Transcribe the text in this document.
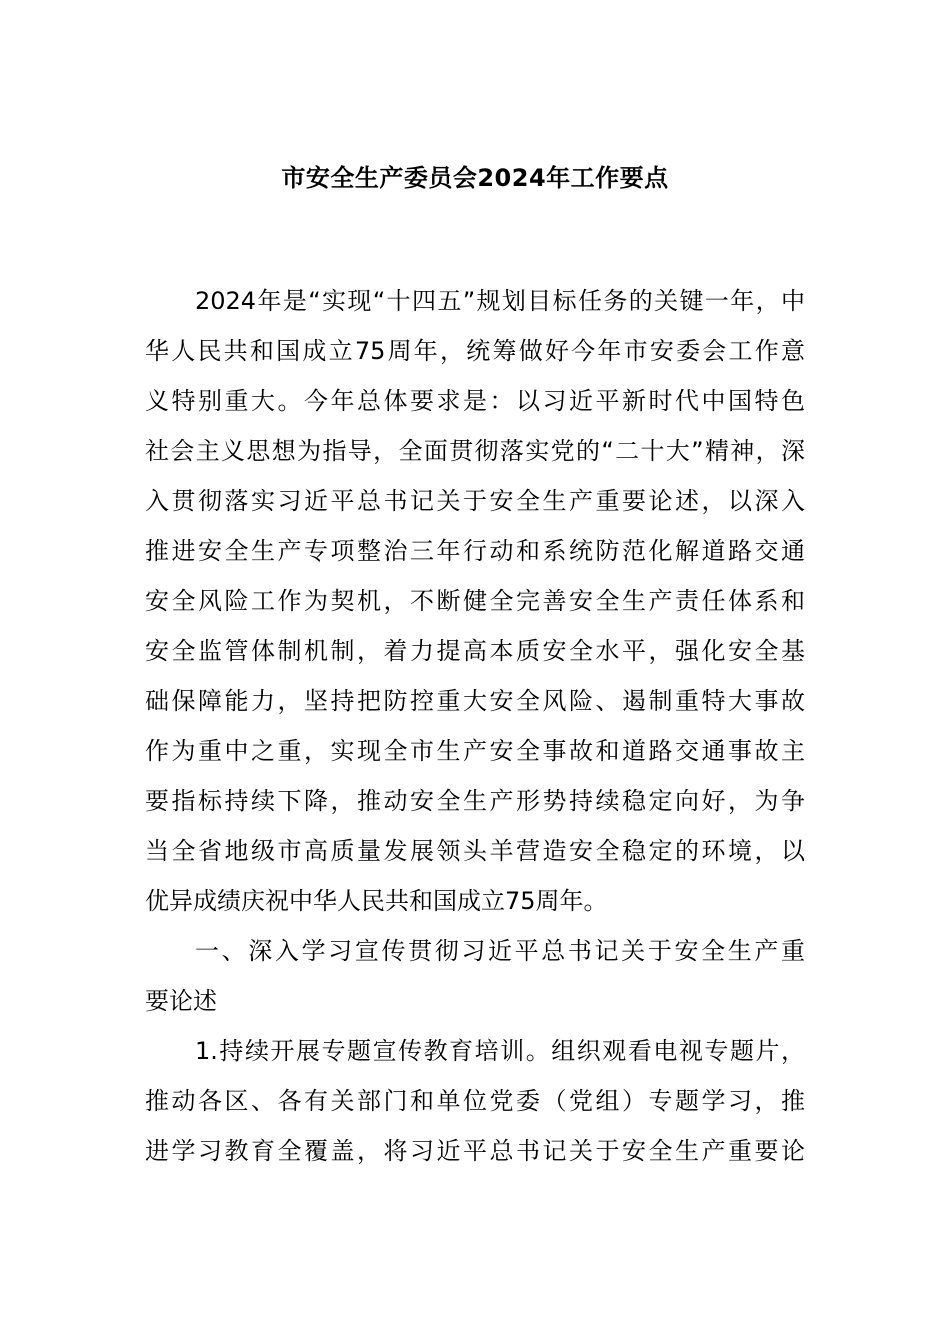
市安全生产委员会2024年工作要点

2024年是“实现“十四五”规划目标任务的关键一年，中

华人民共和国成立75周年，统筹做好今年市安委会工作意

义特别重大。今年总体要求是：以习近平新时代中国特色

社会主义思想为指导，全面贯彻落实党的“二十大”精神，深

入贯彻落实习近平总书记关于安全生产重要论述，以深入

推进安全生产专项整治三年行动和系统防范化解道路交通

安全风险工作为契机，不断健全完善安全生产责任体系和

安全监管体制机制，着力提高本质安全水平，强化安全基

础保障能力，坚持把防控重大安全风险、遏制重特大事故

作为重中之重，实现全市生产安全事故和道路交通事故主

要指标持续下降，推动安全生产形势持续稳定向好，为争

当全省地级市高质量发展领头羊营造安全稳定的环境，以

优异成绩庆祝中华人民共和国成立75周年。

一、深入学习宣传贯彻习近平总书记关于安全生产重

要论述

1.持续开展专题宣传教育培训。组织观看电视专题片，

推动各区、各有关部门和单位党委（党组）专题学习，推

进学习教育全覆盖，将习近平总书记关于安全生产重要论
